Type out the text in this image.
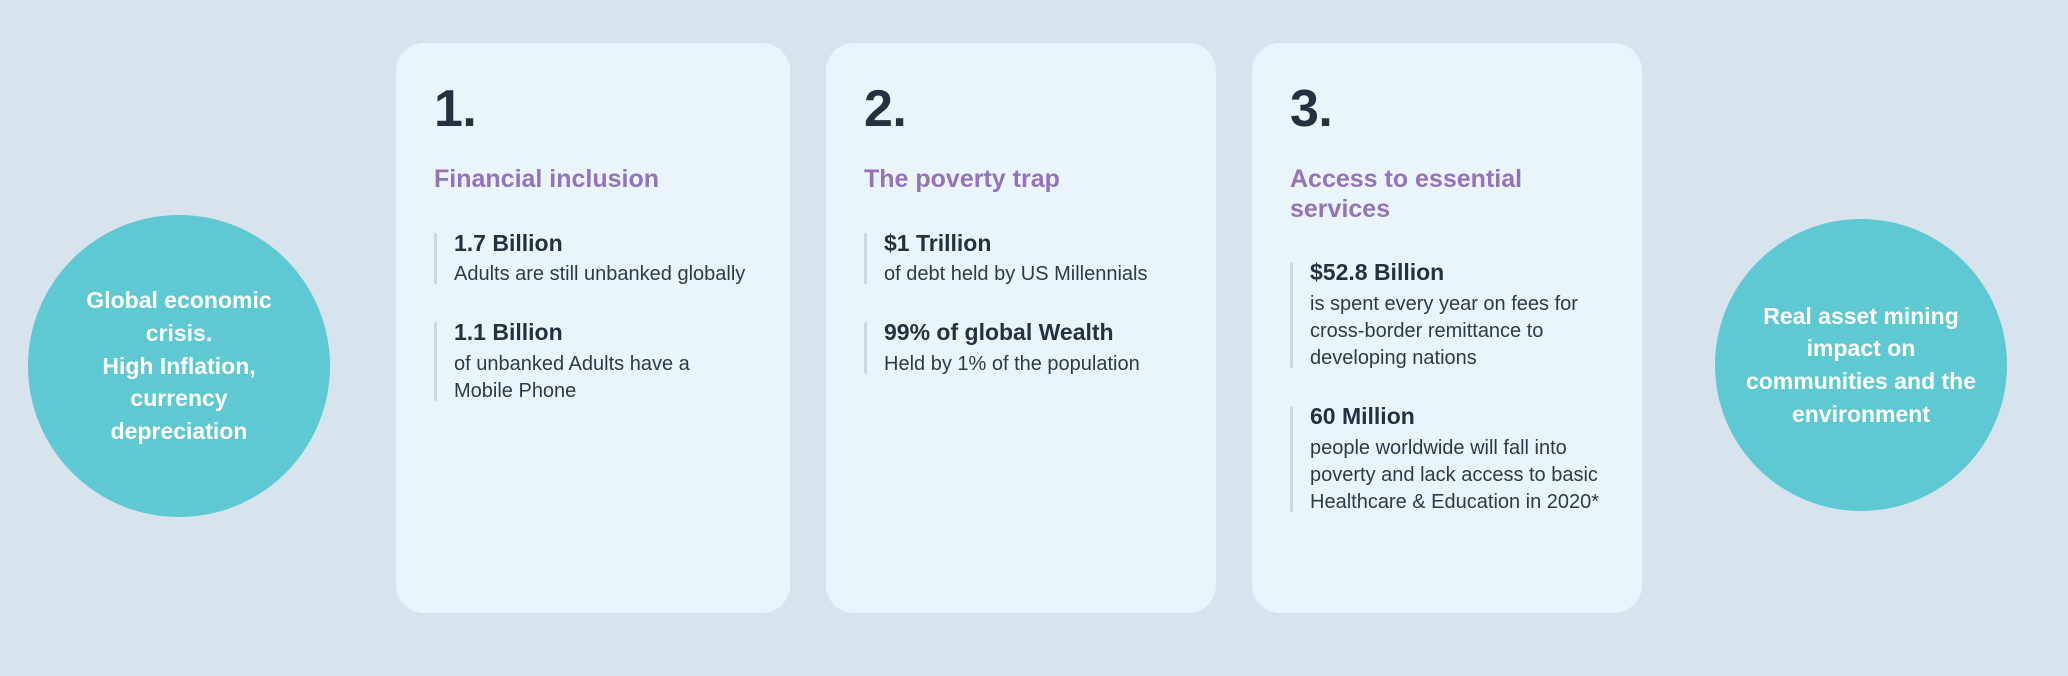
Global economic
crisis.
High Inflation,
currency
depreciation
1.
Financial inclusion
1.7 Billion
Adults are still unbanked globally
1.1 Billion
of unbanked Adults have a Mobile Phone
2.
The poverty trap
$1 Trillion
of debt held by US Millennials
99% of global Wealth
Held by 1% of the population
3.
Access to essential services
$52.8 Billion
is spent every year on fees for cross-border remittance to developing nations
60 Million
people worldwide will fall into poverty and lack access to basic Healthcare & Education in 2020*
Real asset mining
impact on
communities and the
environment
